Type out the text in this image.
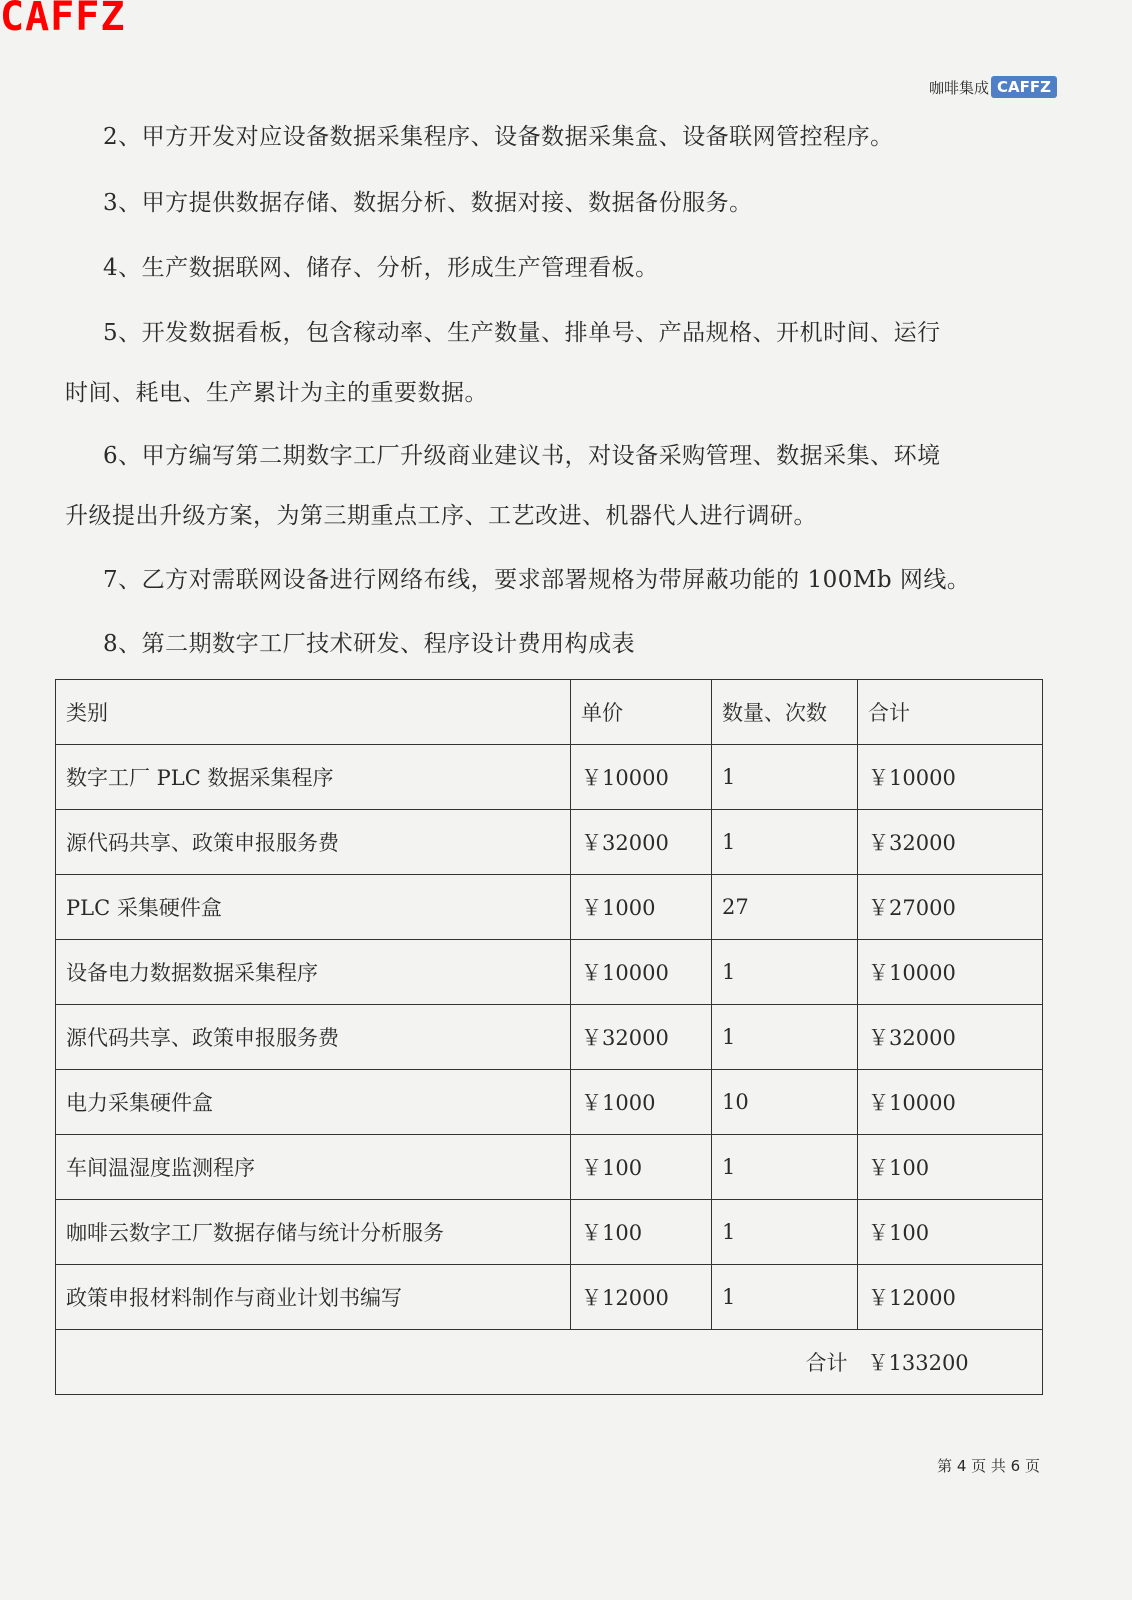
CAFFZ
咖啡集成 CAFFZ
2、甲方开发对应设备数据采集程序、设备数据采集盒、设备联网管控程序。
3、甲方提供数据存储、数据分析、数据对接、数据备份服务。
4、生产数据联网、储存、分析，形成生产管理看板。
5、开发数据看板，包含稼动率、生产数量、排单号、产品规格、开机时间、运行
时间、耗电、生产累计为主的重要数据。
6、甲方编写第二期数字工厂升级商业建议书，对设备采购管理、数据采集、环境
升级提出升级方案，为第三期重点工序、工艺改进、机器代人进行调研。
7、乙方对需联网设备进行网络布线，要求部署规格为带屏蔽功能的 100Mb 网线。
8、第二期数字工厂技术研发、程序设计费用构成表
类别	单价	数量、次数	合计
数字工厂 PLC 数据采集程序	￥10000	1	￥10000
源代码共享、政策申报服务费	￥32000	1	￥32000
PLC 采集硬件盒	￥1000	27	￥27000
设备电力数据数据采集程序	￥10000	1	￥10000
源代码共享、政策申报服务费	￥32000	1	￥32000
电力采集硬件盒	￥1000	10	￥10000
车间温湿度监测程序	￥100	1	￥100
咖啡云数字工厂数据存储与统计分析服务	￥100	1	￥100
政策申报材料制作与商业计划书编写	￥12000	1	￥12000
合计			￥133200
第 4 页 共 6 页
